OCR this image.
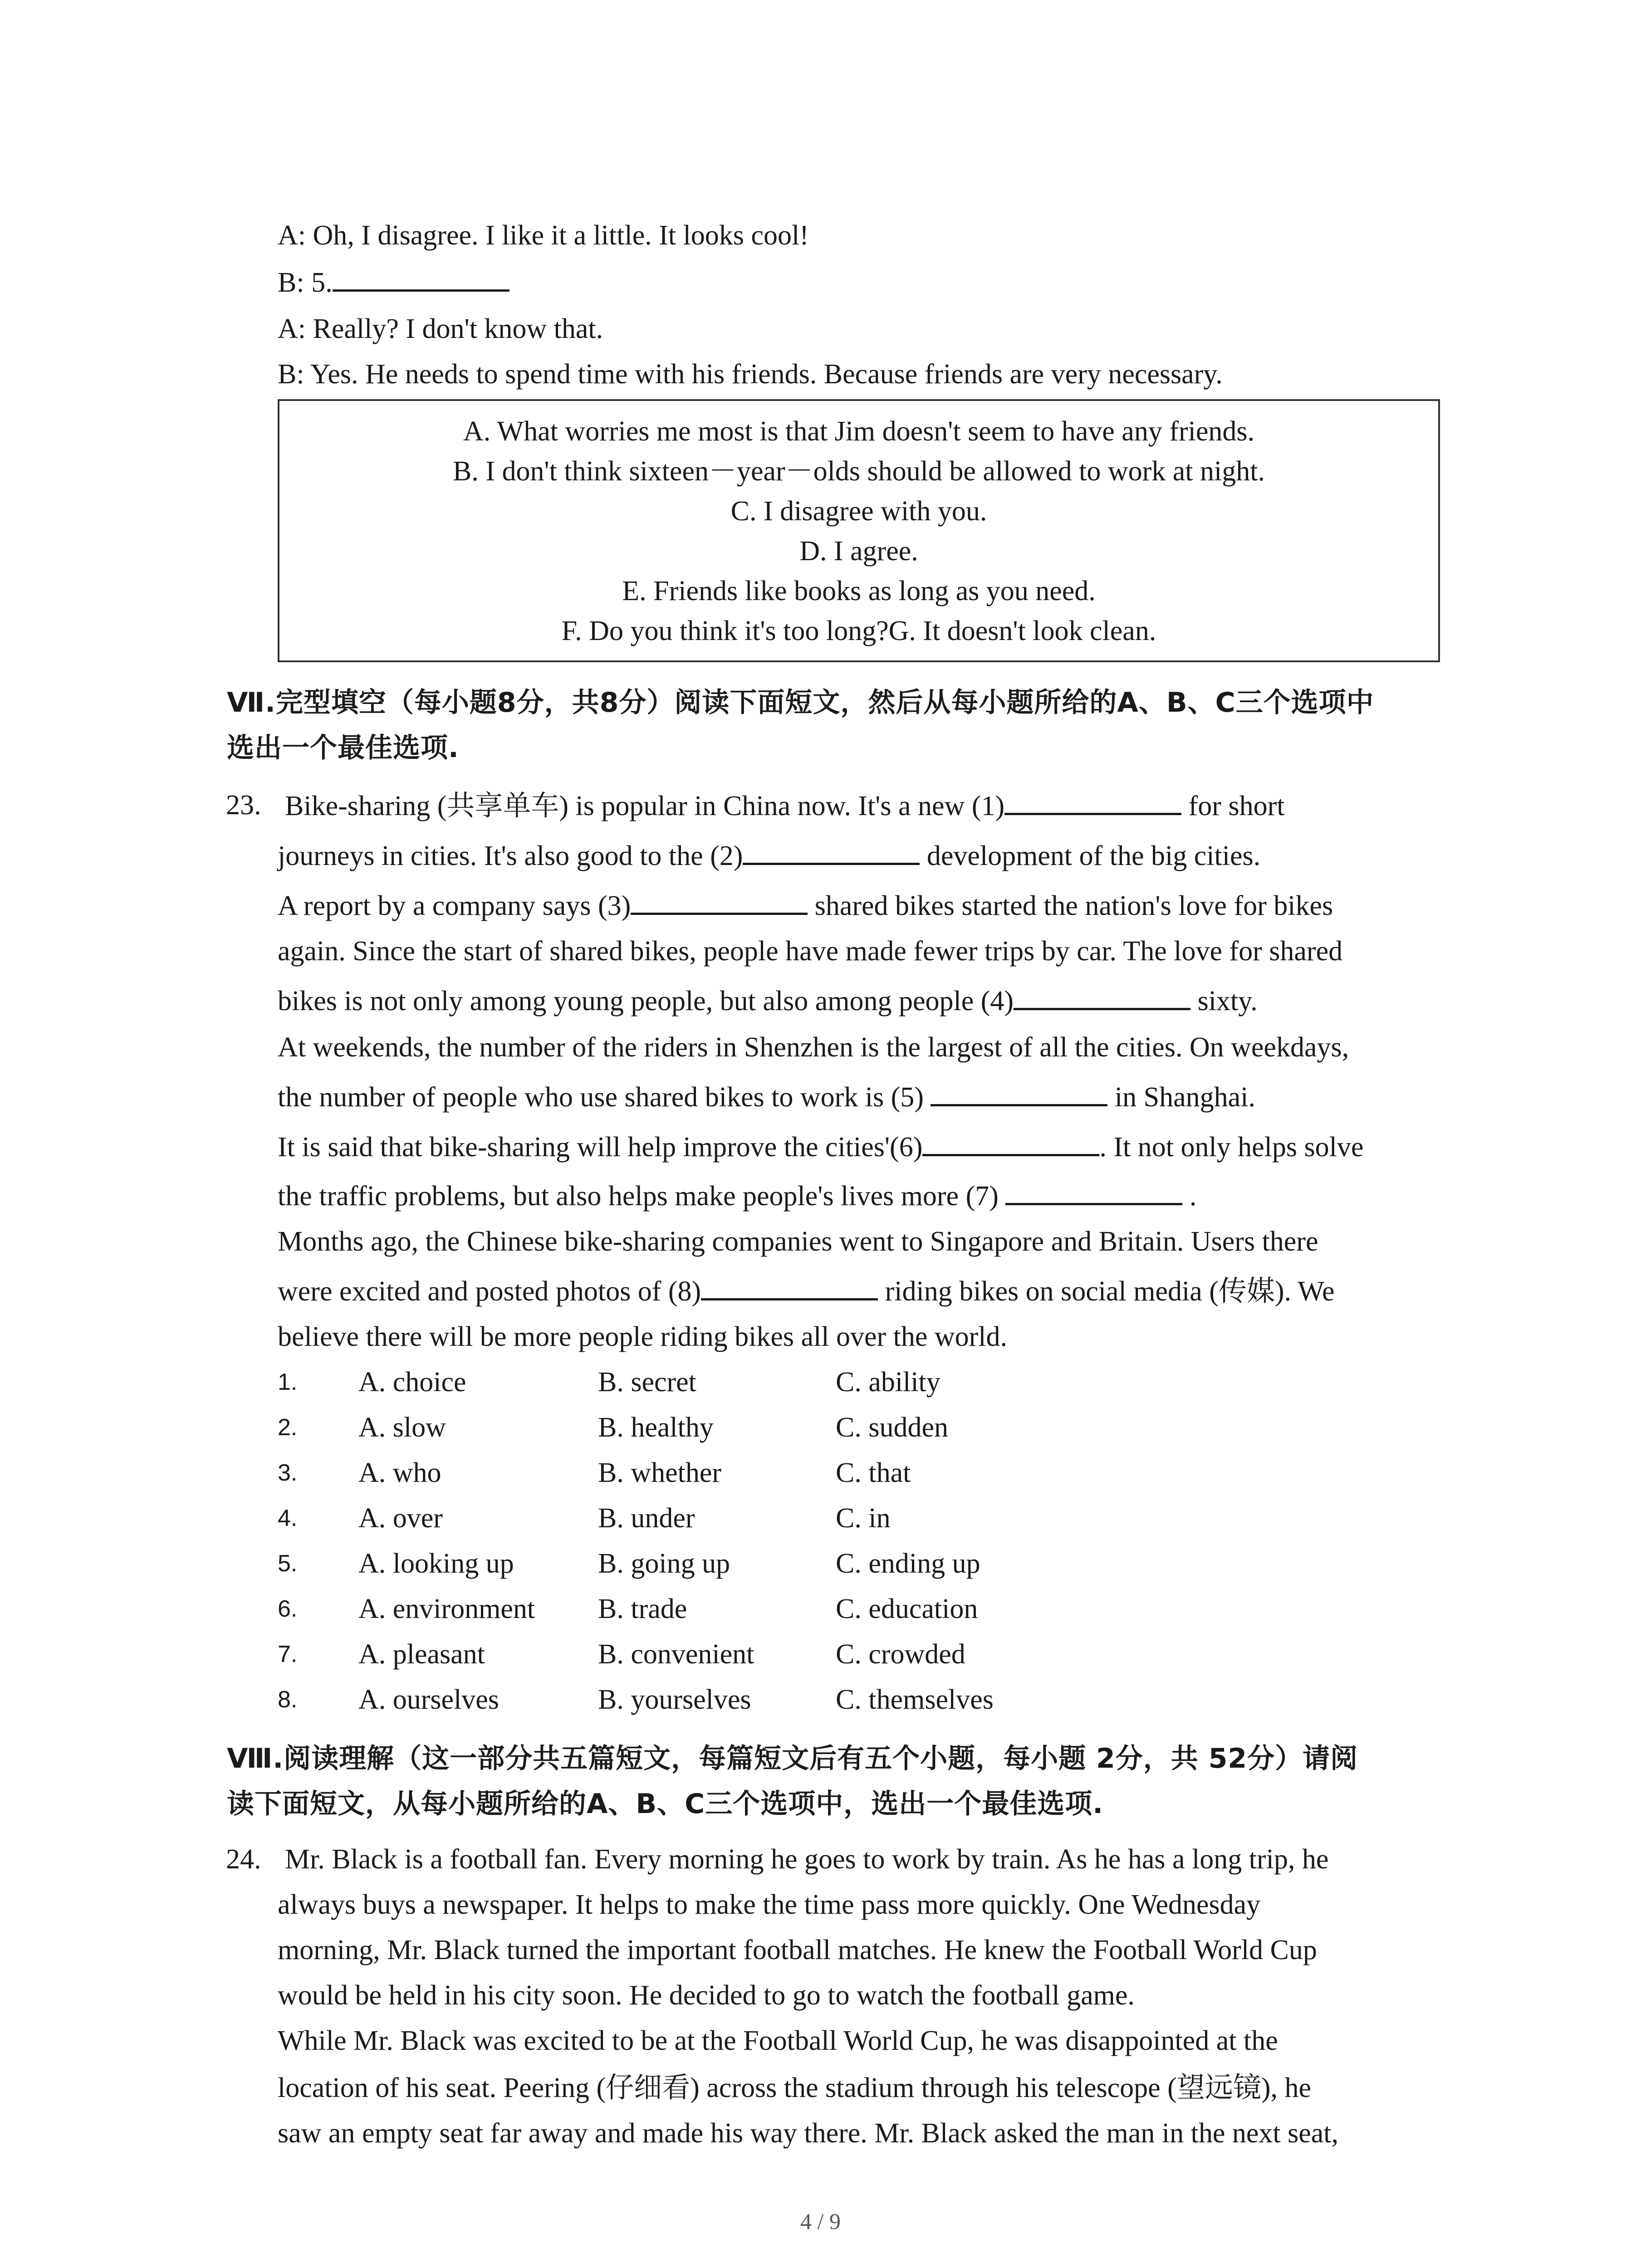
A: Oh, I disagree. I like it a little. It looks cool!
B: 5.
A: Really? I don't know that.
B: Yes. He needs to spend time with his friends. Because friends are very necessary.
A. What worries me most is that Jim doesn't seem to have any friends.
B. I don't think sixteen－year－olds should be allowed to work at night.
C. I disagree with you.
D. I agree.
E. Friends like books as long as you need.
F. Do you think it's too long?G. It doesn't look clean.
Ⅶ.完型填空（每小题8分，共8分）阅读下面短文，然后从每小题所给的A、B、C三个选项中
选出一个最佳选项.
23. Bike-sharing (共享单车) is popular in China now. It's a new (1)	for short
journeys in cities. It's also good to the (2)	development of the big cities.
A report by a company says (3)	shared bikes started the nation's love for bikes
again. Since the start of shared bikes, people have made fewer trips by car. The love for shared
bikes is not only among young people, but also among people (4)	sixty.
At weekends, the number of the riders in Shenzhen is the largest of all the cities. On weekdays,
the number of people who use shared bikes to work is (5)	in Shanghai.
It is said that bike-sharing will help improve the cities'(6)	. It not only helps solve
the traffic problems, but also helps make people's lives more (7)	.
Months ago, the Chinese bike-sharing companies went to Singapore and Britain. Users there
were excited and posted photos of (8)	riding bikes on social media (传媒). We
believe there will be more people riding bikes all over the world.
1. A. choice	B. secret	C. ability
2. A. slow	B. healthy	C. sudden
3. A. who	B. whether	C. that
4. A. over	B. under	C. in
5. A. looking up	B. going up	C. ending up
6. A. environment B. trade	C. education
7. A. pleasant	B. convenient	C. crowded
8. A. ourselves	B. yourselves	C. themselves
Ⅷ.阅读理解（这一部分共五篇短文，每篇短文后有五个小题，每小题 2分，共 52分）请阅
读下面短文，从每小题所给的A、B、C三个选项中，选出一个最佳选项.
24. Mr. Black is a football fan. Every morning he goes to work by train. As he has a long trip, he
always buys a newspaper. It helps to make the time pass more quickly. One Wednesday
morning, Mr. Black turned the important football matches. He knew the Football World Cup
would be held in his city soon. He decided to go to watch the football game.
While Mr. Black was excited to be at the Football World Cup, he was disappointed at the
location of his seat. Peering (仔细看) across the stadium through his telescope (望远镜), he
saw an empty seat far away and made his way there. Mr. Black asked the man in the next seat,
4 / 9
